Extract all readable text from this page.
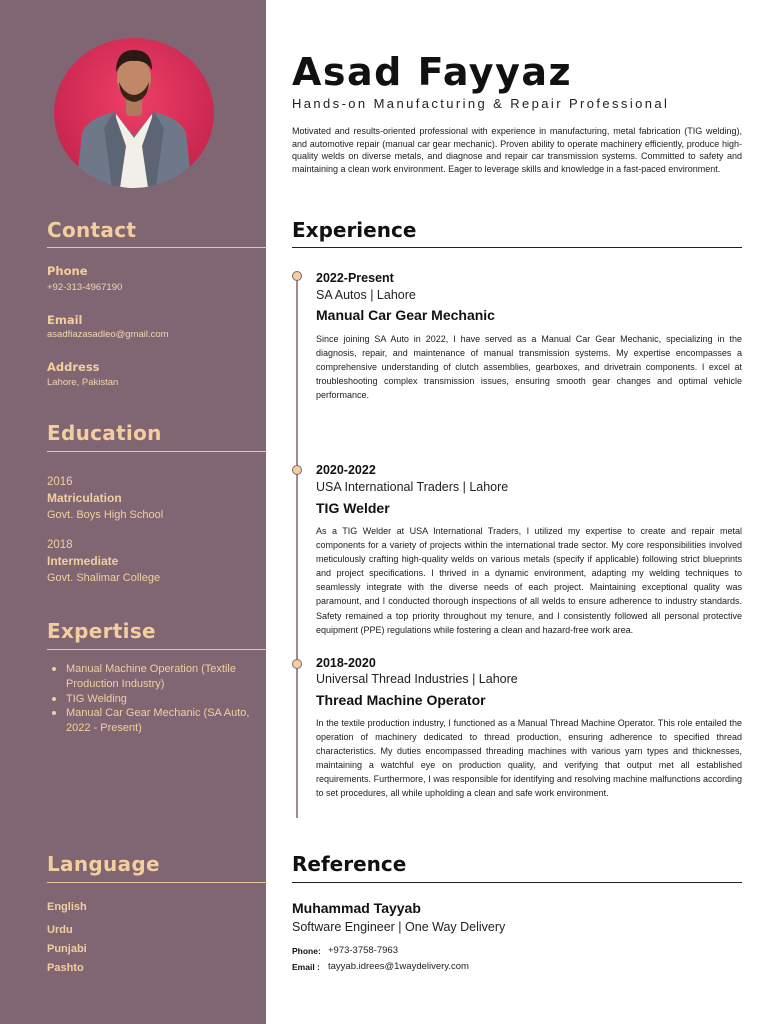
Contact
Phone
+92-313-4967190
Email
asadfiazasadleo@gmail.com
Address
Lahore, Pakistan
Education
2016
Matriculation
Govt. Boys High School
2018
Intermediate
Govt. Shalimar College
Expertise
Manual Machine Operation (Textile Production Industry)
TIG Welding
Manual Car Gear Mechanic (SA Auto, 2022 - Present)
Language
English
Urdu
Punjabi
Pashto
Asad Fayyaz
Hands-on Manufacturing & Repair Professional
Motivated and results-oriented professional with experience in manufacturing, metal fabrication (TIG welding), and automotive repair (manual car gear mechanic). Proven ability to operate machinery efficiently, produce high-quality welds on diverse metals, and diagnose and repair car transmission systems. Committed to safety and maintaining a clean work environment. Eager to leverage skills and knowledge in a fast-paced environment.
Experience
2022-Present
SA Autos | Lahore
Manual Car Gear Mechanic
Since joining SA Auto in 2022, I have served as a Manual Car Gear Mechanic, specializing in the diagnosis, repair, and maintenance of manual transmission systems. My expertise encompasses a comprehensive understanding of clutch assemblies, gearboxes, and drivetrain components. I excel at troubleshooting complex transmission issues, ensuring smooth gear changes and optimal vehicle performance.
2020-2022
USA International Traders | Lahore
TIG Welder
As a TIG Welder at USA International Traders, I utilized my expertise to create and repair metal components for a variety of projects within the international trade sector. My core responsibilities involved meticulously crafting high-quality welds on various metals (specify if applicable) following strict blueprints and project specifications. I thrived in a dynamic environment, adapting my welding techniques to seamlessly integrate with the diverse needs of each project. Maintaining exceptional quality was paramount, and I conducted thorough inspections of all welds to ensure adherence to industry standards. Safety remained a top priority throughout my tenure, and I consistently followed all personal protective equipment (PPE) regulations while fostering a clean and hazard-free work area.
2018-2020
Universal Thread Industries | Lahore
Thread Machine Operator
In the textile production industry, I functioned as a Manual Thread Machine Operator. This role entailed the operation of machinery dedicated to thread production, ensuring adherence to specified thread characteristics. My duties encompassed threading machines with various yarn types and thicknesses, maintaining a watchful eye on production quality, and verifying that output met all established requirements. Furthermore, I was responsible for identifying and resolving machine malfunctions according to set procedures, all while upholding a clean and safe work environment.
Reference
Muhammad Tayyab
Software Engineer | One Way Delivery
Phone: +973-3758-7963
Email : tayyab.idrees@1waydelivery.com
